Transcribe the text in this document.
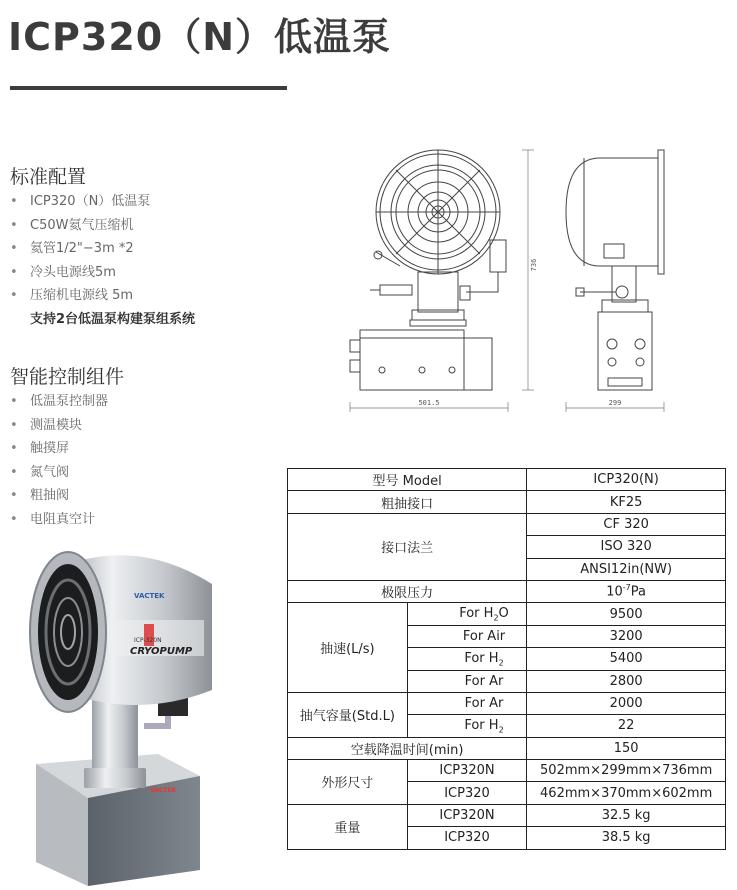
ICP320（N）低温泵
标准配置
• ICP320（N）低温泵
• C50W氦气压缩机
• 氦管1/2"−3m *2
• 冷头电源线5m
• 压缩机电源线 5m
支持2台低温泵构建泵组系统
智能控制组件
• 低温泵控制器
• 测温模块
• 触摸屏
• 氮气阀
• 粗抽阀
• 电阻真空计
501.5
736
299
VACTEK
VACTEK
ICP-320N
CRYOPUMP
型号 Model		ICP320(N)
粗抽接口		KF25
接口法兰		CF 320
		ISO 320
		ANSI12in(NW)
极限压力		$10^{-7}Pa$
抽速(L/s)	For $H_2O$	9500
	For Air	3200
	For $H_2$	5400
	For Ar	2800
抽气容量(Std.L)	For Ar	2000
	For $H_2$	22
空载降温时间(min)		150
外形尺寸	ICP320N	502mm×299mm×736mm
	ICP320	462mm×370mm×602mm
重量	ICP320N	32.5 kg
	ICP320	38.5 kg
